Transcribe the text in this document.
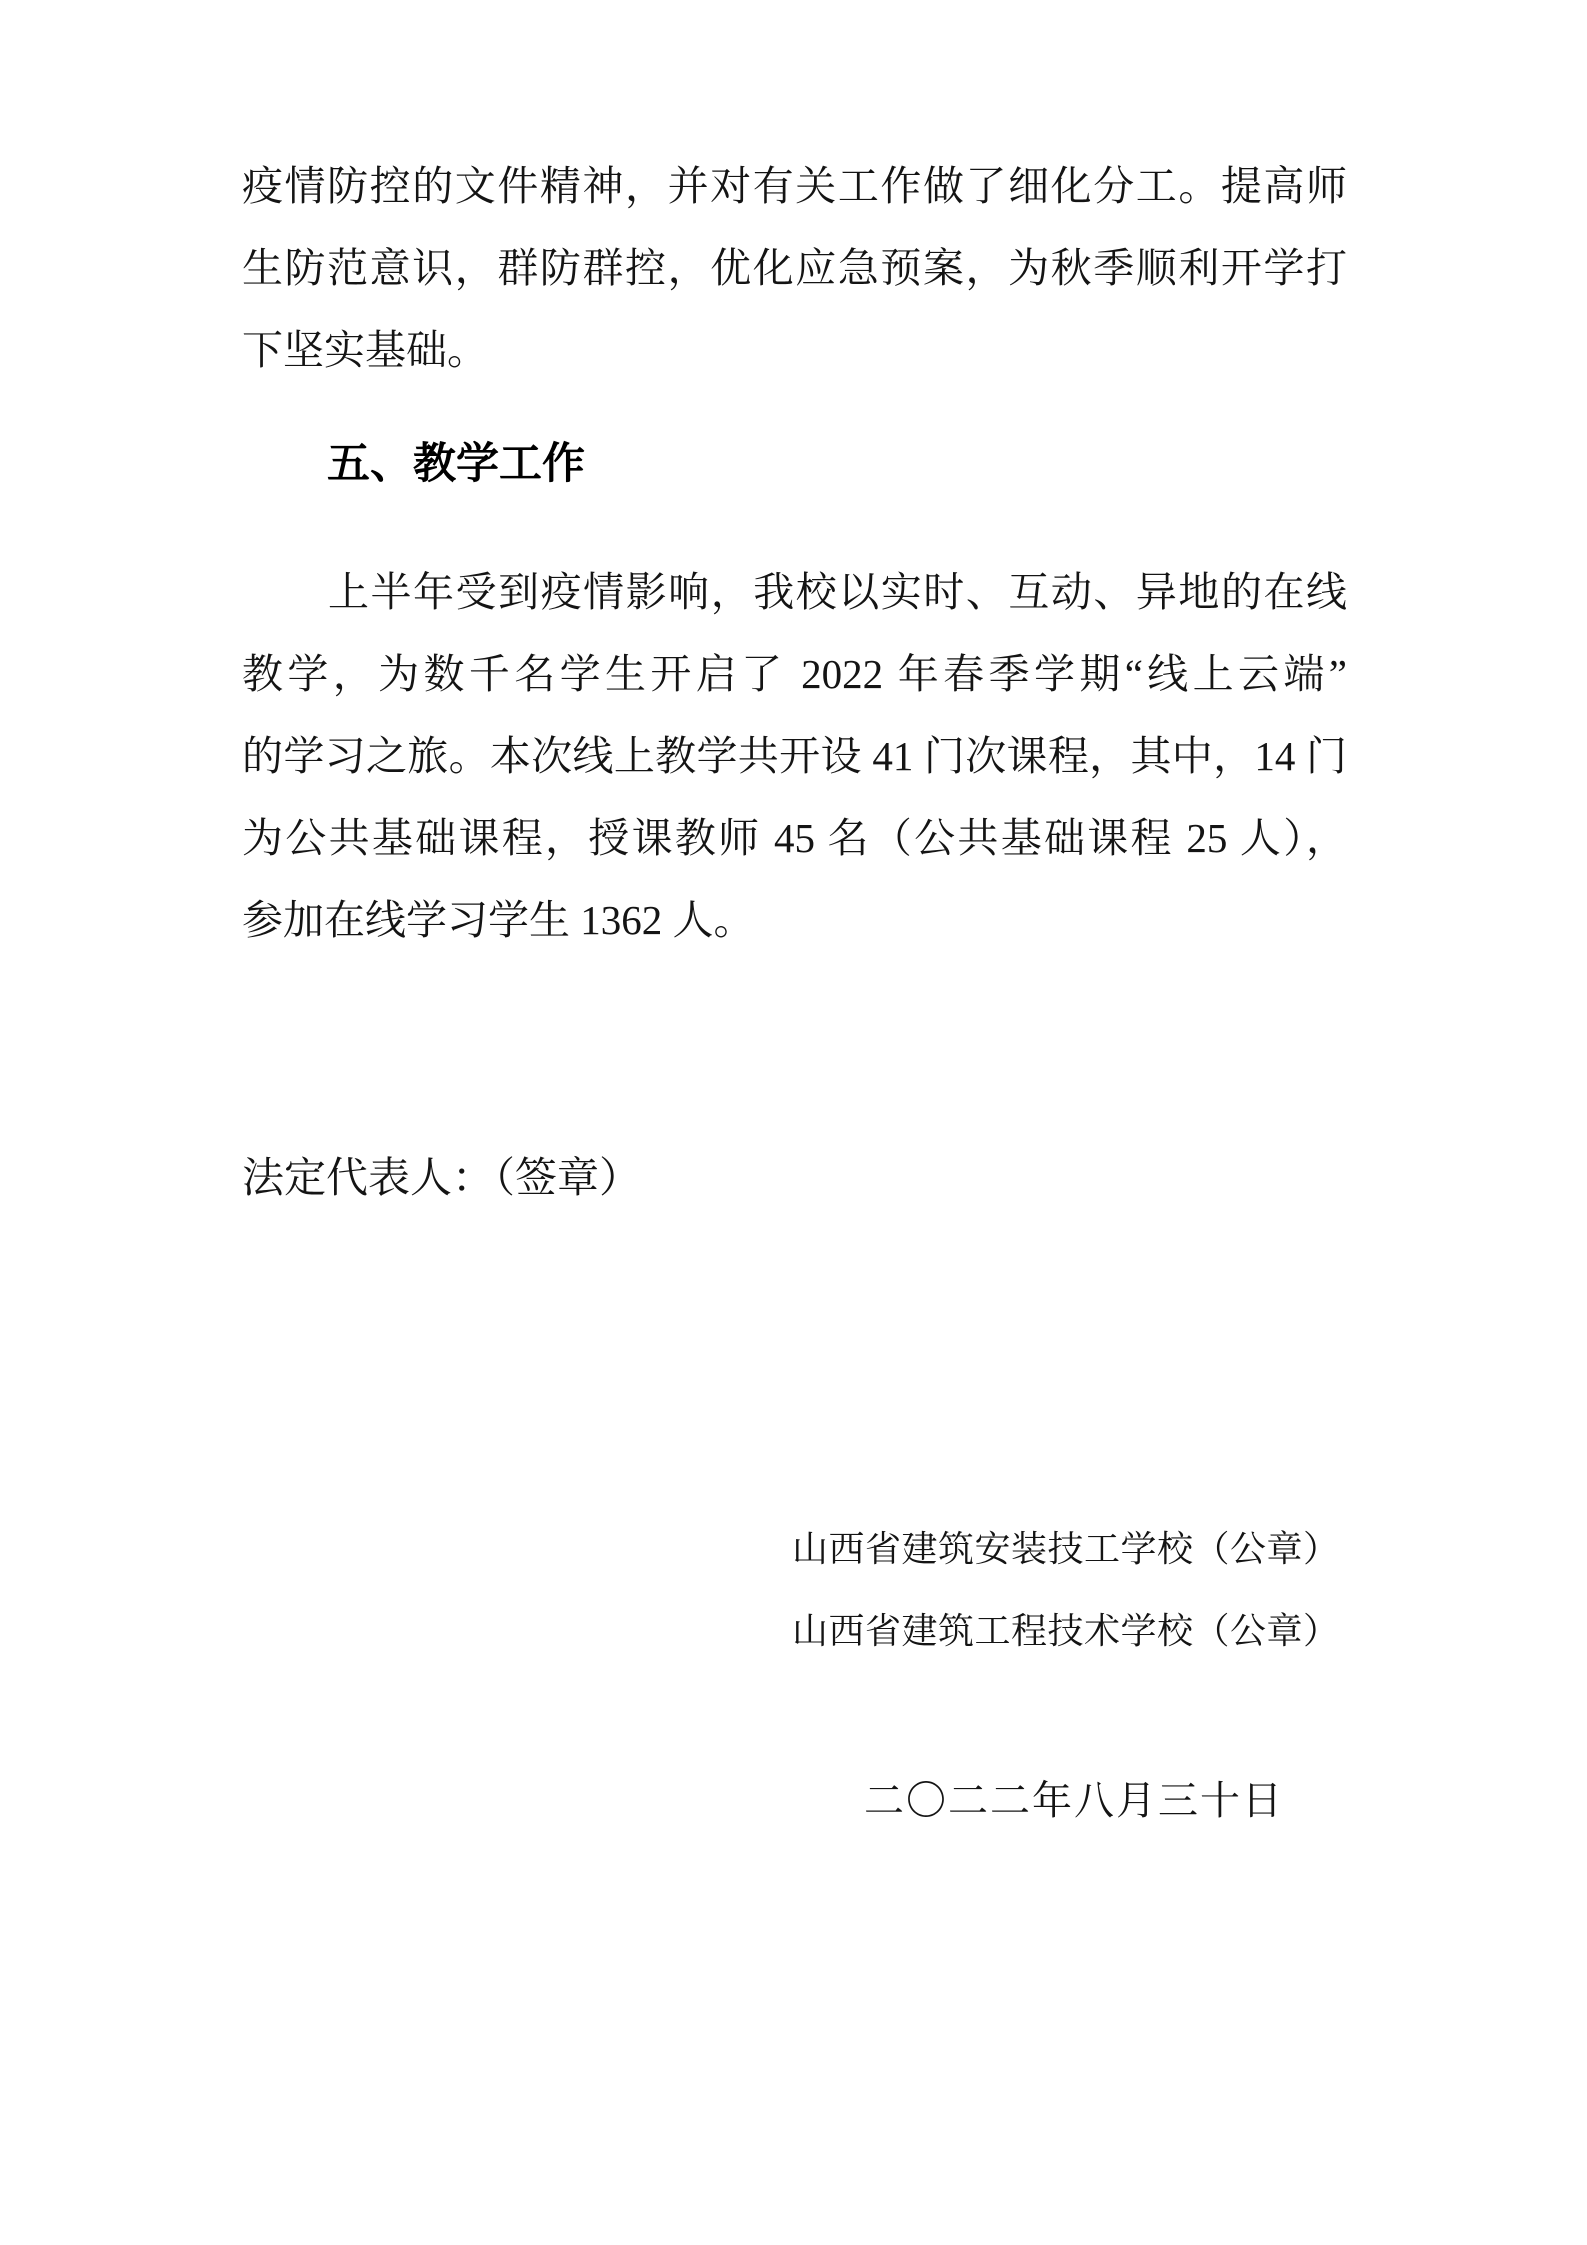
疫情防控的文件精神，并对有关工作做了细化分工。提高师
生防范意识，群防群控，优化应急预案，为秋季顺利开学打
下坚实基础。
五、教学工作
上半年受到疫情影响，我校以实时、互动、异地的在线
教学，为数千名学生开启了 2022 年春季学期“线上云端”
的学习之旅。本次线上教学共开设 41 门次课程，其中，14 门
为公共基础课程，授课教师 45 名（公共基础课程 25 人），
参加在线学习学生 1362 人。
法定代表人：（签章）
山西省建筑安装技工学校（公章）
山西省建筑工程技术学校（公章）
二〇二二年八月三十日
